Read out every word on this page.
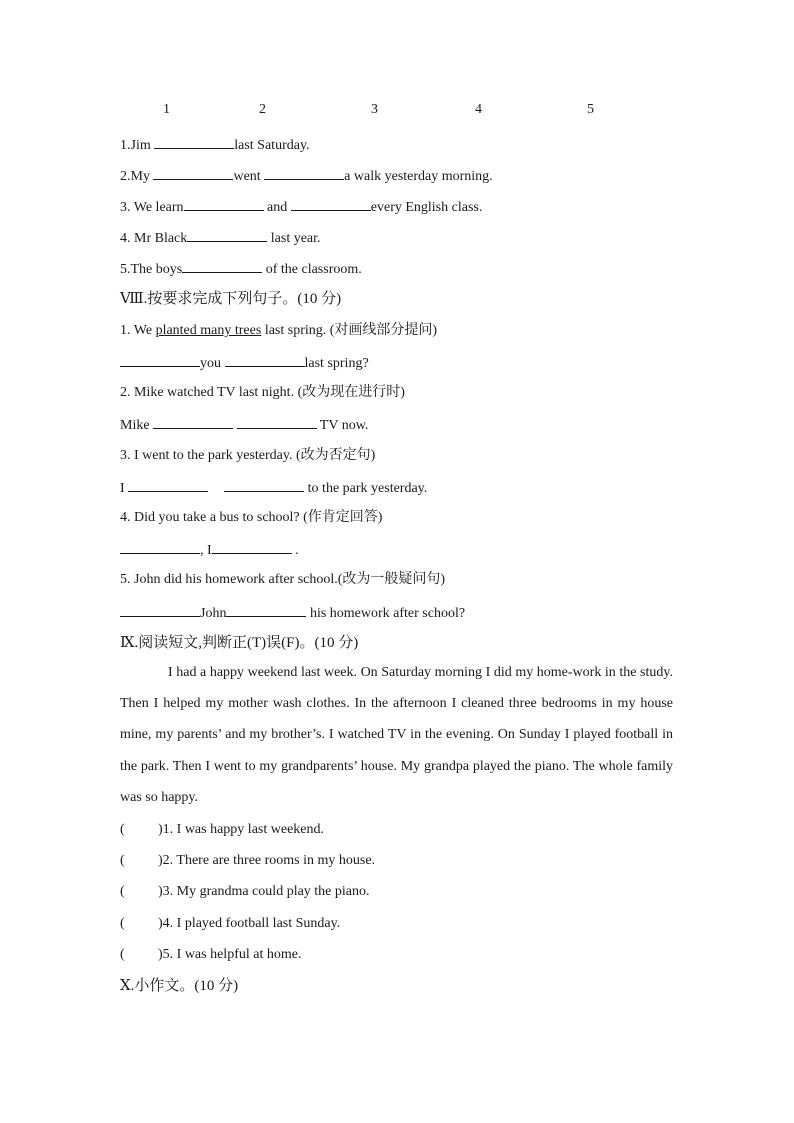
1	2	3	4	5
1.Jim	last Saturday.
2.My	went	a walk yesterday morning.
3. We learn	and	every English class.
4. Mr Black	last year.
5.The boys	of the classroom.
Ⅷ.按要求完成下列句子。(10 分)
1. We planted many trees last spring. (对画线部分提问)
you	last spring?
2. Mike watched TV last night. (改为现在进行时)
Mike	TV now.
3. I went to the park yesterday. (改为否定句)
I	to the park yesterday.
4. Did you take a bus to school? (作肯定回答)
, I	.
5. John did his homework after school.(改为一般疑问句)
John	his homework after school?
Ⅸ.阅读短文,判断正(T)误(F)。(10 分)
I had a happy weekend last week. On Saturday morning I did my home-work in the study. Then I helped my mother wash clothes. In the afternoon I cleaned three bedrooms in my house mine, my parents’ and my brother’s. I watched TV in the evening. On Sunday I played football in the park. Then I went to my grandparents’ house. My grandpa played the piano. The whole family was so happy.
( )1. I was happy last weekend.
( )2. There are three rooms in my house.
( )3. My grandma could play the piano.
( )4. I played football last Sunday.
( )5. I was helpful at home.
Ⅹ.小作文。(10 分)
